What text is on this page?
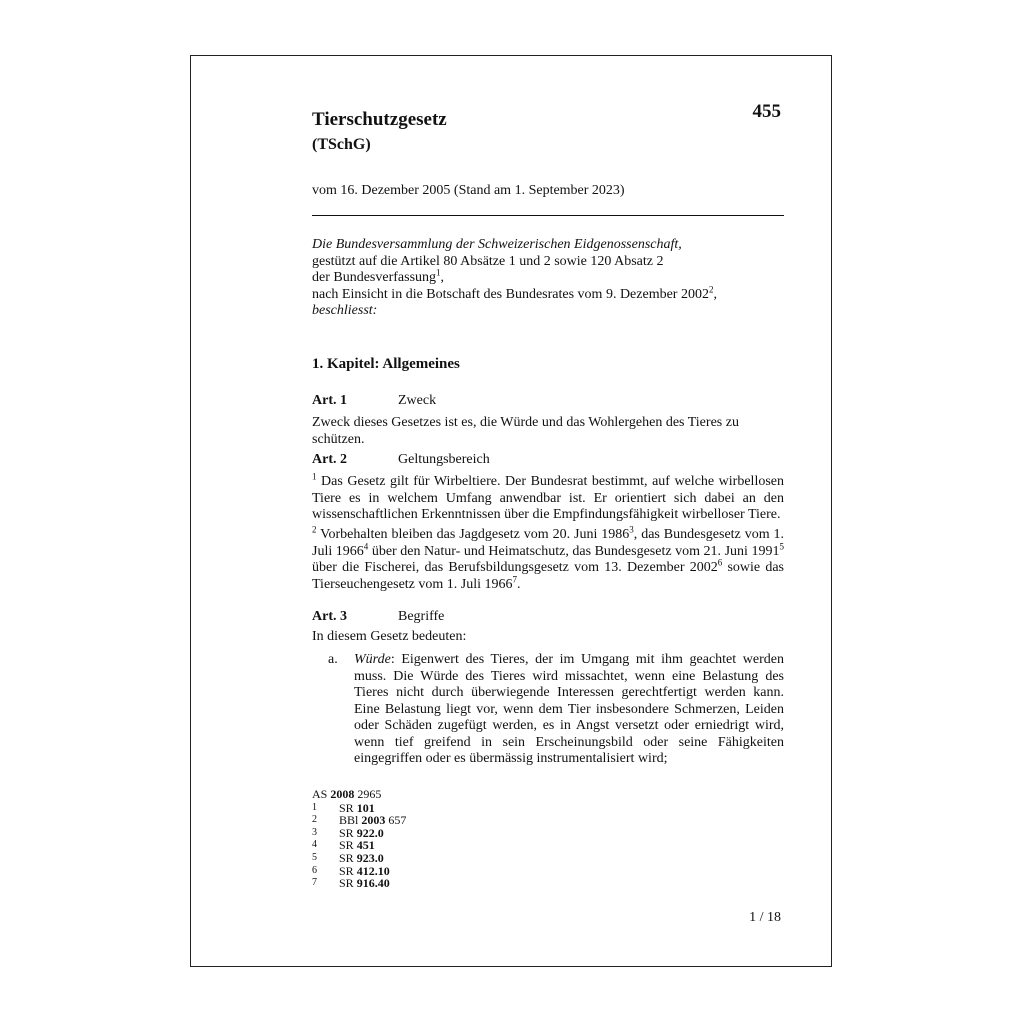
455
Tierschutzgesetz
(TSchG)
vom 16. Dezember 2005 (Stand am 1. September 2023)
Die Bundesversammlung der Schweizerischen Eidgenossenschaft,
gestützt auf die Artikel 80 Absätze 1 und 2 sowie 120 Absatz 2
der Bundesverfassung$^1$,
nach Einsicht in die Botschaft des Bundesrates vom 9. Dezember 2002$^2$,
beschliesst:
1. Kapitel: Allgemeines
Art. 1	Zweck
Zweck dieses Gesetzes ist es, die Würde und das Wohlergehen des Tieres zu schützen.
Art. 2	Geltungsbereich
$^1$ Das Gesetz gilt für Wirbeltiere. Der Bundesrat bestimmt, auf welche wirbellosen Tiere es in welchem Umfang anwendbar ist. Er orientiert sich dabei an den wissenschaftlichen Erkenntnissen über die Empfindungsfähigkeit wirbelloser Tiere.
$^2$ Vorbehalten bleiben das Jagdgesetz vom 20. Juni 1986$^3$, das Bundesgesetz vom 1. Juli 1966$^4$ über den Natur- und Heimatschutz, das Bundesgesetz vom 21. Juni 1991$^5$ über die Fischerei, das Berufsbildungsgesetz vom 13. Dezember 2002$^6$ sowie das Tierseuchengesetz vom 1. Juli 1966$^7$.
Art. 3	Begriffe
In diesem Gesetz bedeuten:
a. Würde: Eigenwert des Tieres, der im Umgang mit ihm geachtet werden muss. Die Würde des Tieres wird missachtet, wenn eine Belastung des Tieres nicht durch überwiegende Interessen gerechtfertigt werden kann. Eine Belastung liegt vor, wenn dem Tier insbesondere Schmerzen, Leiden oder Schäden zugefügt werden, es in Angst versetzt oder erniedrigt wird, wenn tief greifend in sein Erscheinungsbild oder seine Fähigkeiten eingegriffen oder es übermässig instrumentalisiert wird;
AS 2008 2965
1	SR 101
2	BBl 2003 657
3	SR 922.0
4	SR 451
5	SR 923.0
6	SR 412.10
7	SR 916.40
1 / 18
